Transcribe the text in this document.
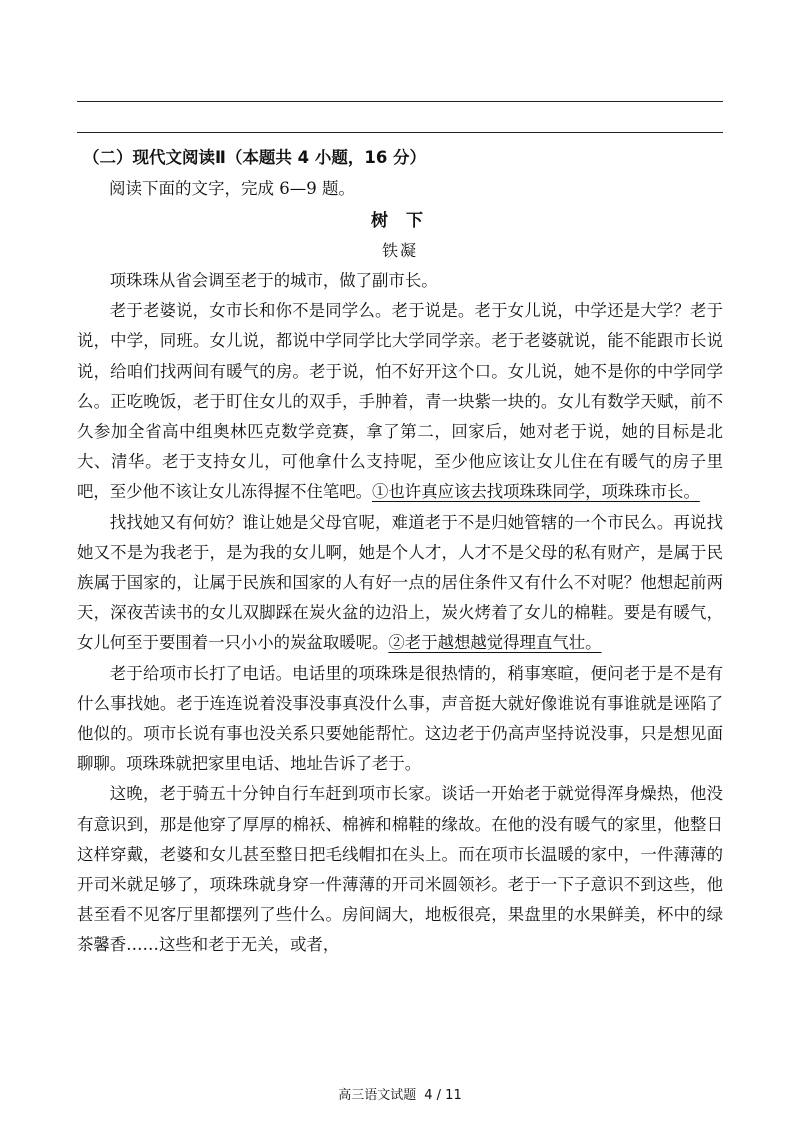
（二）现代文阅读Ⅱ（本题共 4 小题，16 分）

阅读下面的文字，完成 6—9 题。

树 下

铁凝

项珠珠从省会调至老于的城市，做了副市长。

老于老婆说，女市长和你不是同学么。老于说是。老于女儿说，中学还是大学？老于说，中学，同班。女儿说，都说中学同学比大学同学亲。老于老婆就说，能不能跟市长说说，给咱们找两间有暖气的房。老于说，怕不好开这个口。女儿说，她不是你的中学同学么。正吃晚饭，老于盯住女儿的双手，手肿着，青一块紫一块的。女儿有数学天赋，前不久参加全省高中组奥林匹克数学竞赛，拿了第二，回家后，她对老于说，她的目标是北大、清华。老于支持女儿，可他拿什么支持呢，至少他应该让女儿住在有暖气的房子里吧，至少他不该让女儿冻得握不住笔吧。①也许真应该去找项珠珠同学，项珠珠市长。

找找她又有何妨？谁让她是父母官呢，难道老于不是归她管辖的一个市民么。再说找她又不是为我老于，是为我的女儿啊，她是个人才，人才不是父母的私有财产，是属于民族属于国家的，让属于民族和国家的人有好一点的居住条件又有什么不对呢？他想起前两天，深夜苦读书的女儿双脚踩在炭火盆的边沿上，炭火烤着了女儿的棉鞋。要是有暖气，女儿何至于要围着一只小小的炭盆取暖呢。②老于越想越觉得理直气壮。

老于给项市长打了电话。电话里的项珠珠是很热情的，稍事寒暄，便问老于是不是有什么事找她。老于连连说着没事没事真没什么事，声音挺大就好像谁说有事谁就是诬陷了他似的。项市长说有事也没关系只要她能帮忙。这边老于仍高声坚持说没事，只是想见面聊聊。项珠珠就把家里电话、地址告诉了老于。

这晚，老于骑五十分钟自行车赶到项市长家。谈话一开始老于就觉得浑身燥热，他没有意识到，那是他穿了厚厚的棉袄、棉裤和棉鞋的缘故。在他的没有暖气的家里，他整日这样穿戴，老婆和女儿甚至整日把毛线帽扣在头上。而在项市长温暖的家中，一件薄薄的开司米就足够了，项珠珠就身穿一件薄薄的开司米圆领衫。老于一下子意识不到这些，他甚至看不见客厅里都摆列了些什么。房间阔大，地板很亮，果盘里的水果鲜美，杯中的绿茶馨香……这些和老于无关，或者，

高三语文试题 4 / 11
